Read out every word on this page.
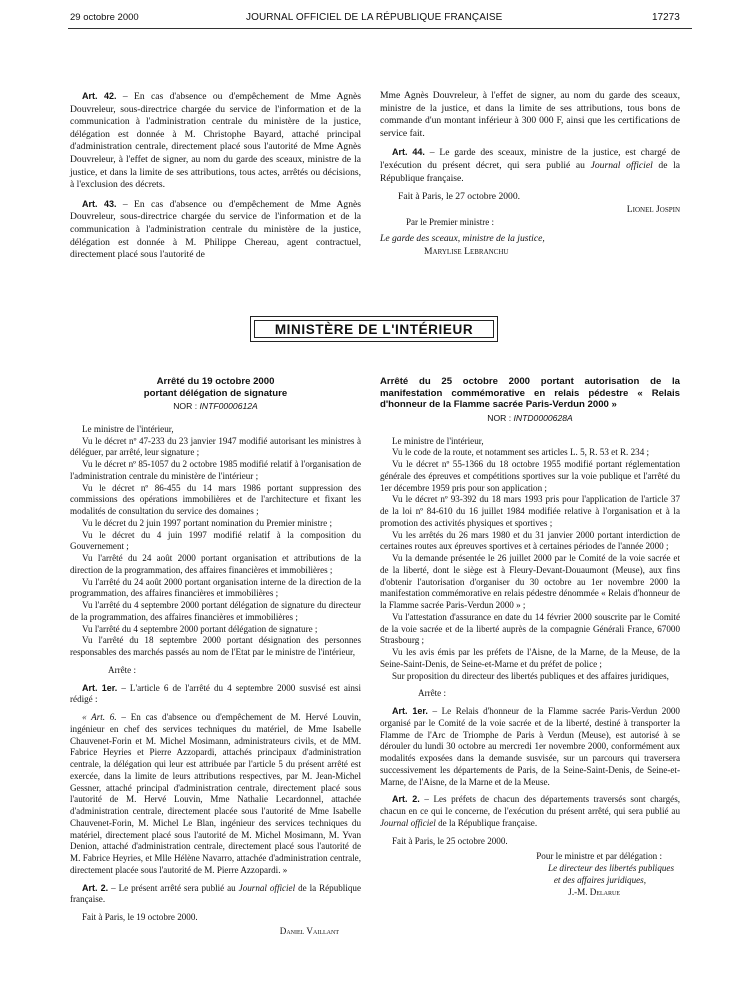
29 octobre 2000	JOURNAL OFFICIEL DE LA RÉPUBLIQUE FRANÇAISE	17273

Art. 42. – En cas d'absence ou d'empêchement de Mme Agnès Douvreleur, sous-directrice chargée du service de l'information et de la communication à l'administration centrale du ministère de la justice, délégation est donnée à M. Christophe Bayard, attaché principal d'administration centrale, directement placé sous l'autorité de Mme Agnès Douvreleur, à l'effet de signer, au nom du garde des sceaux, ministre de la justice, et dans la limite de ses attributions, tous actes, arrêtés ou décisions, à l'exclusion des décrets.

Art. 43. – En cas d'absence ou d'empêchement de Mme Agnès Douvreleur, sous-directrice chargée du service de l'information et de la communication à l'administration centrale du ministère de la justice, délégation est donnée à M. Philippe Chereau, agent contractuel, directement placé sous l'autorité de

Mme Agnès Douvreleur, à l'effet de signer, au nom du garde des sceaux, ministre de la justice, et dans la limite de ses attributions, tous bons de commande d'un montant inférieur à 300 000 F, ainsi que les certifications de service fait.

Art. 44. – Le garde des sceaux, ministre de la justice, est chargé de l'exécution du présent décret, qui sera publié au Journal officiel de la République française.

Fait à Paris, le 27 octobre 2000.

Lionel Jospin

Par le Premier ministre :

Le garde des sceaux, ministre de la justice,

Marylise Lebranchu

MINISTÈRE DE L'INTÉRIEUR
Arrêté du 19 octobre 2000
portant délégation de signature
NOR : INTF0000612A

Le ministre de l'intérieur,

Vu le décret nº 47-233 du 23 janvier 1947 modifié autorisant les ministres à déléguer, par arrêté, leur signature ;

Vu le décret nº 85-1057 du 2 octobre 1985 modifié relatif à l'organisation de l'administration centrale du ministère de l'intérieur ;

Vu le décret nº 86-455 du 14 mars 1986 portant suppression des commissions des opérations immobilières et de l'architecture et fixant les modalités de consultation du service des domaines ;

Vu le décret du 2 juin 1997 portant nomination du Premier ministre ;

Vu le décret du 4 juin 1997 modifié relatif à la composition du Gouvernement ;

Vu l'arrêté du 24 août 2000 portant organisation et attributions de la direction de la programmation, des affaires financières et immobilières ;

Vu l'arrêté du 24 août 2000 portant organisation interne de la direction de la programmation, des affaires financières et immobilières ;

Vu l'arrêté du 4 septembre 2000 portant délégation de signature du directeur de la programmation, des affaires financières et immobilières ;

Vu l'arrêté du 4 septembre 2000 portant délégation de signature ;

Vu l'arrêté du 18 septembre 2000 portant désignation des personnes responsables des marchés passés au nom de l'Etat par le ministre de l'intérieur,

Arrête :

Art. 1er. – L'article 6 de l'arrêté du 4 septembre 2000 susvisé est ainsi rédigé :

« Art. 6. – En cas d'absence ou d'empêchement de M. Hervé Louvin, ingénieur en chef des services techniques du matériel, de Mme Isabelle Chauvenet-Forin et M. Michel Mosimann, administrateurs civils, et de MM. Fabrice Heyries et Pierre Azzopardi, attachés principaux d'administration centrale, la délégation qui leur est attribuée par l'article 5 du présent arrêté est exercée, dans la limite de leurs attributions respectives, par M. Jean-Michel Gessner, attaché principal d'administration centrale, directement placé sous l'autorité de M. Hervé Louvin, Mme Nathalie Lecardonnel, attachée d'administration centrale, directement placée sous l'autorité de Mme Isabelle Chauvenet-Forin, M. Michel Le Blan, ingénieur des services techniques du matériel, directement placé sous l'autorité de M. Michel Mosimann, M. Yvan Denion, attaché d'administration centrale, directement placé sous l'autorité de M. Fabrice Heyries, et Mlle Hélène Navarro, attachée d'administration centrale, directement placée sous l'autorité de M. Pierre Azzopardi. »

Art. 2. – Le présent arrêté sera publié au Journal officiel de la République française.

Fait à Paris, le 19 octobre 2000.

Daniel Vaillant

Arrêté du 25 octobre 2000 portant autorisation de la manifestation commémorative en relais pédestre « Relais d'honneur de la Flamme sacrée Paris-Verdun 2000 »
NOR : INTD0000628A

Le ministre de l'intérieur,

Vu le code de la route, et notamment ses articles L. 5, R. 53 et R. 234 ;

Vu le décret nº 55-1366 du 18 octobre 1955 modifié portant réglementation générale des épreuves et compétitions sportives sur la voie publique et l'arrêté du 1er décembre 1959 pris pour son application ;

Vu le décret nº 93-392 du 18 mars 1993 pris pour l'application de l'article 37 de la loi nº 84-610 du 16 juillet 1984 modifiée relative à l'organisation et à la promotion des activités physiques et sportives ;

Vu les arrêtés du 26 mars 1980 et du 31 janvier 2000 portant interdiction de certaines routes aux épreuves sportives et à certaines périodes de l'année 2000 ;

Vu la demande présentée le 26 juillet 2000 par le Comité de la voie sacrée et de la liberté, dont le siège est à Fleury-Devant-Douaumont (Meuse), aux fins d'obtenir l'autorisation d'organiser du 30 octobre au 1er novembre 2000 la manifestation commémorative en relais pédestre dénommée « Relais d'honneur de la Flamme sacrée Paris-Verdun 2000 » ;

Vu l'attestation d'assurance en date du 14 février 2000 souscrite par le Comité de la voie sacrée et de la liberté auprès de la compagnie Générali France, 67000 Strasbourg ;

Vu les avis émis par les préfets de l'Aisne, de la Marne, de la Meuse, de la Seine-Saint-Denis, de Seine-et-Marne et du préfet de police ;

Sur proposition du directeur des libertés publiques et des affaires juridiques,

Arrête :

Art. 1er. – Le Relais d'honneur de la Flamme sacrée Paris-Verdun 2000 organisé par le Comité de la voie sacrée et de la liberté, destiné à transporter la Flamme de l'Arc de Triomphe de Paris à Verdun (Meuse), est autorisé à se dérouler du lundi 30 octobre au mercredi 1er novembre 2000, conformément aux modalités exposées dans la demande susvisée, sur un parcours qui traversera successivement les départements de Paris, de la Seine-Saint-Denis, de Seine-et-Marne, de l'Aisne, de la Marne et de la Meuse.

Art. 2. – Les préfets de chacun des départements traversés sont chargés, chacun en ce qui le concerne, de l'exécution du présent arrêté, qui sera publié au Journal officiel de la République française.

Fait à Paris, le 25 octobre 2000.

Pour le ministre et par délégation :

Le directeur des libertés publiques

et des affaires juridiques,

J.-M. Delarue
